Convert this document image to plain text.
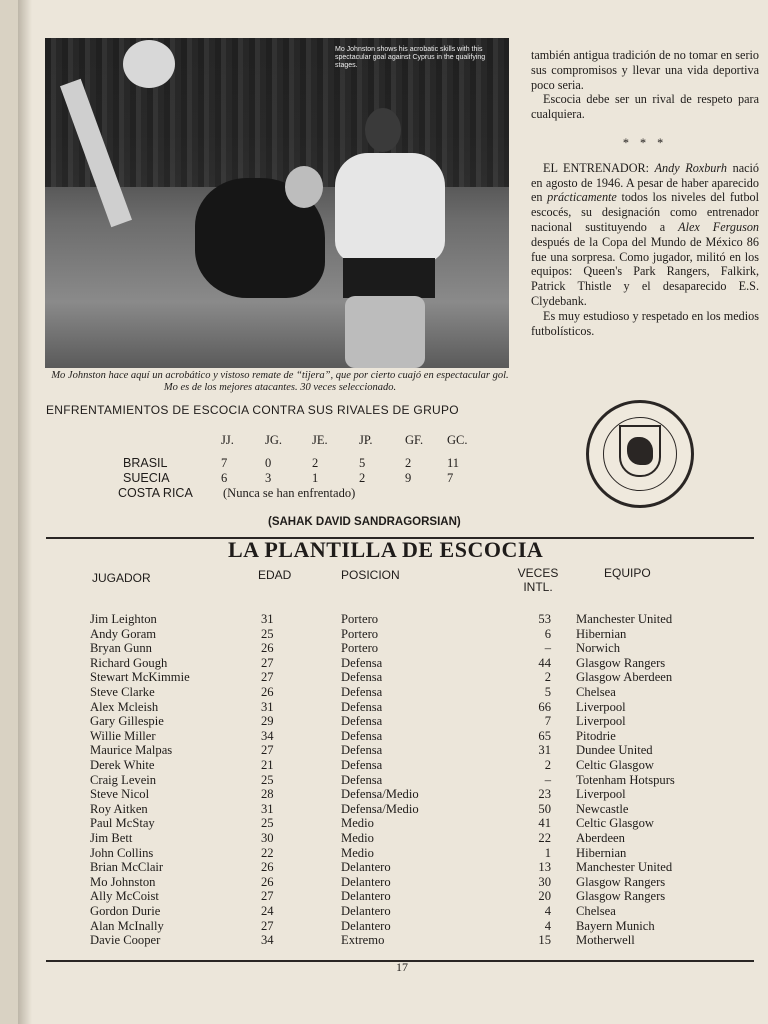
Mo Johnston shows his acrobatic skills with this spectacular goal against Cyprus in the qualifying stages.
Mo Johnston hace aquí un acrobático y vistoso remate de “tijera”, que por cierto cuajó en espectacular gol. Mo es de los mejores atacantes. 30 veces seleccionado.

también antigua tradición de no tomar en serio sus compromisos y llevar una vida deportiva poco seria.

Escocia debe ser un rival de respeto para cualquiera.

* * *

EL ENTRENADOR: Andy Roxburh nació en agosto de 1946. A pesar de haber aparecido en prácticamente todos los niveles del futbol escocés, su designación como entrenador nacional sustituyendo a Alex Ferguson después de la Copa del Mundo de México 86 fue una sorpresa. Como jugador, militó en los equipos: Queen's Park Rangers, Falkirk, Patrick Thistle y el desaparecido E.S. Clydebank.

Es muy estudioso y respetado en los medios futbolísticos.

ENFRENTAMIENTOS DE ESCOCIA CONTRA SUS RIVALES DE GRUPO
JJ. JG. JE.	JP.	GF. GC.
BRASIL	7	0	2	5	2	11
SUECIA	6	3	1	2	9	7
COSTA RICA (Nunca se han enfrentado)
(SAHAK DAVID SANDRAGORSIAN)
LA PLANTILLA DE ESCOCIA
JUGADOR	EDAD	POSICION	VECES
INTL.
EQUIPO
Jim Leighton	31	Portero	53 Manchester United
Andy Goram	25	Portero	6 Hibernian
Bryan Gunn	26	Portero	– Norwich
Richard Gough	27	Defensa	44 Glasgow Rangers
Stewart McKimmie	27	Defensa	2 Glasgow Aberdeen
Steve Clarke	26	Defensa	5 Chelsea
Alex Mcleish	31	Defensa	66 Liverpool
Gary Gillespie	29	Defensa	7 Liverpool
Willie Miller	34	Defensa	65 Pitodrie
Maurice Malpas	27	Defensa	31 Dundee United
Derek White	21	Defensa	2 Celtic Glasgow
Craig Levein	25	Defensa	– Totenham Hotspurs
Steve Nicol	28	Defensa/Medio	23 Liverpool
Roy Aitken	31	Defensa/Medio	50 Newcastle
Paul McStay	25	Medio	41 Celtic Glasgow
Jim Bett	30	Medio	22 Aberdeen
John Collins	22	Medio	1 Hibernian
Brian McClair	26	Delantero	13 Manchester United
Mo Johnston	26	Delantero	30 Glasgow Rangers
Ally McCoist	27	Delantero	20 Glasgow Rangers
Gordon Durie	24	Delantero	4 Chelsea
Alan McInally	27	Delantero	4 Bayern Munich
Davie Cooper	34	Extremo	15 Motherwell
17
